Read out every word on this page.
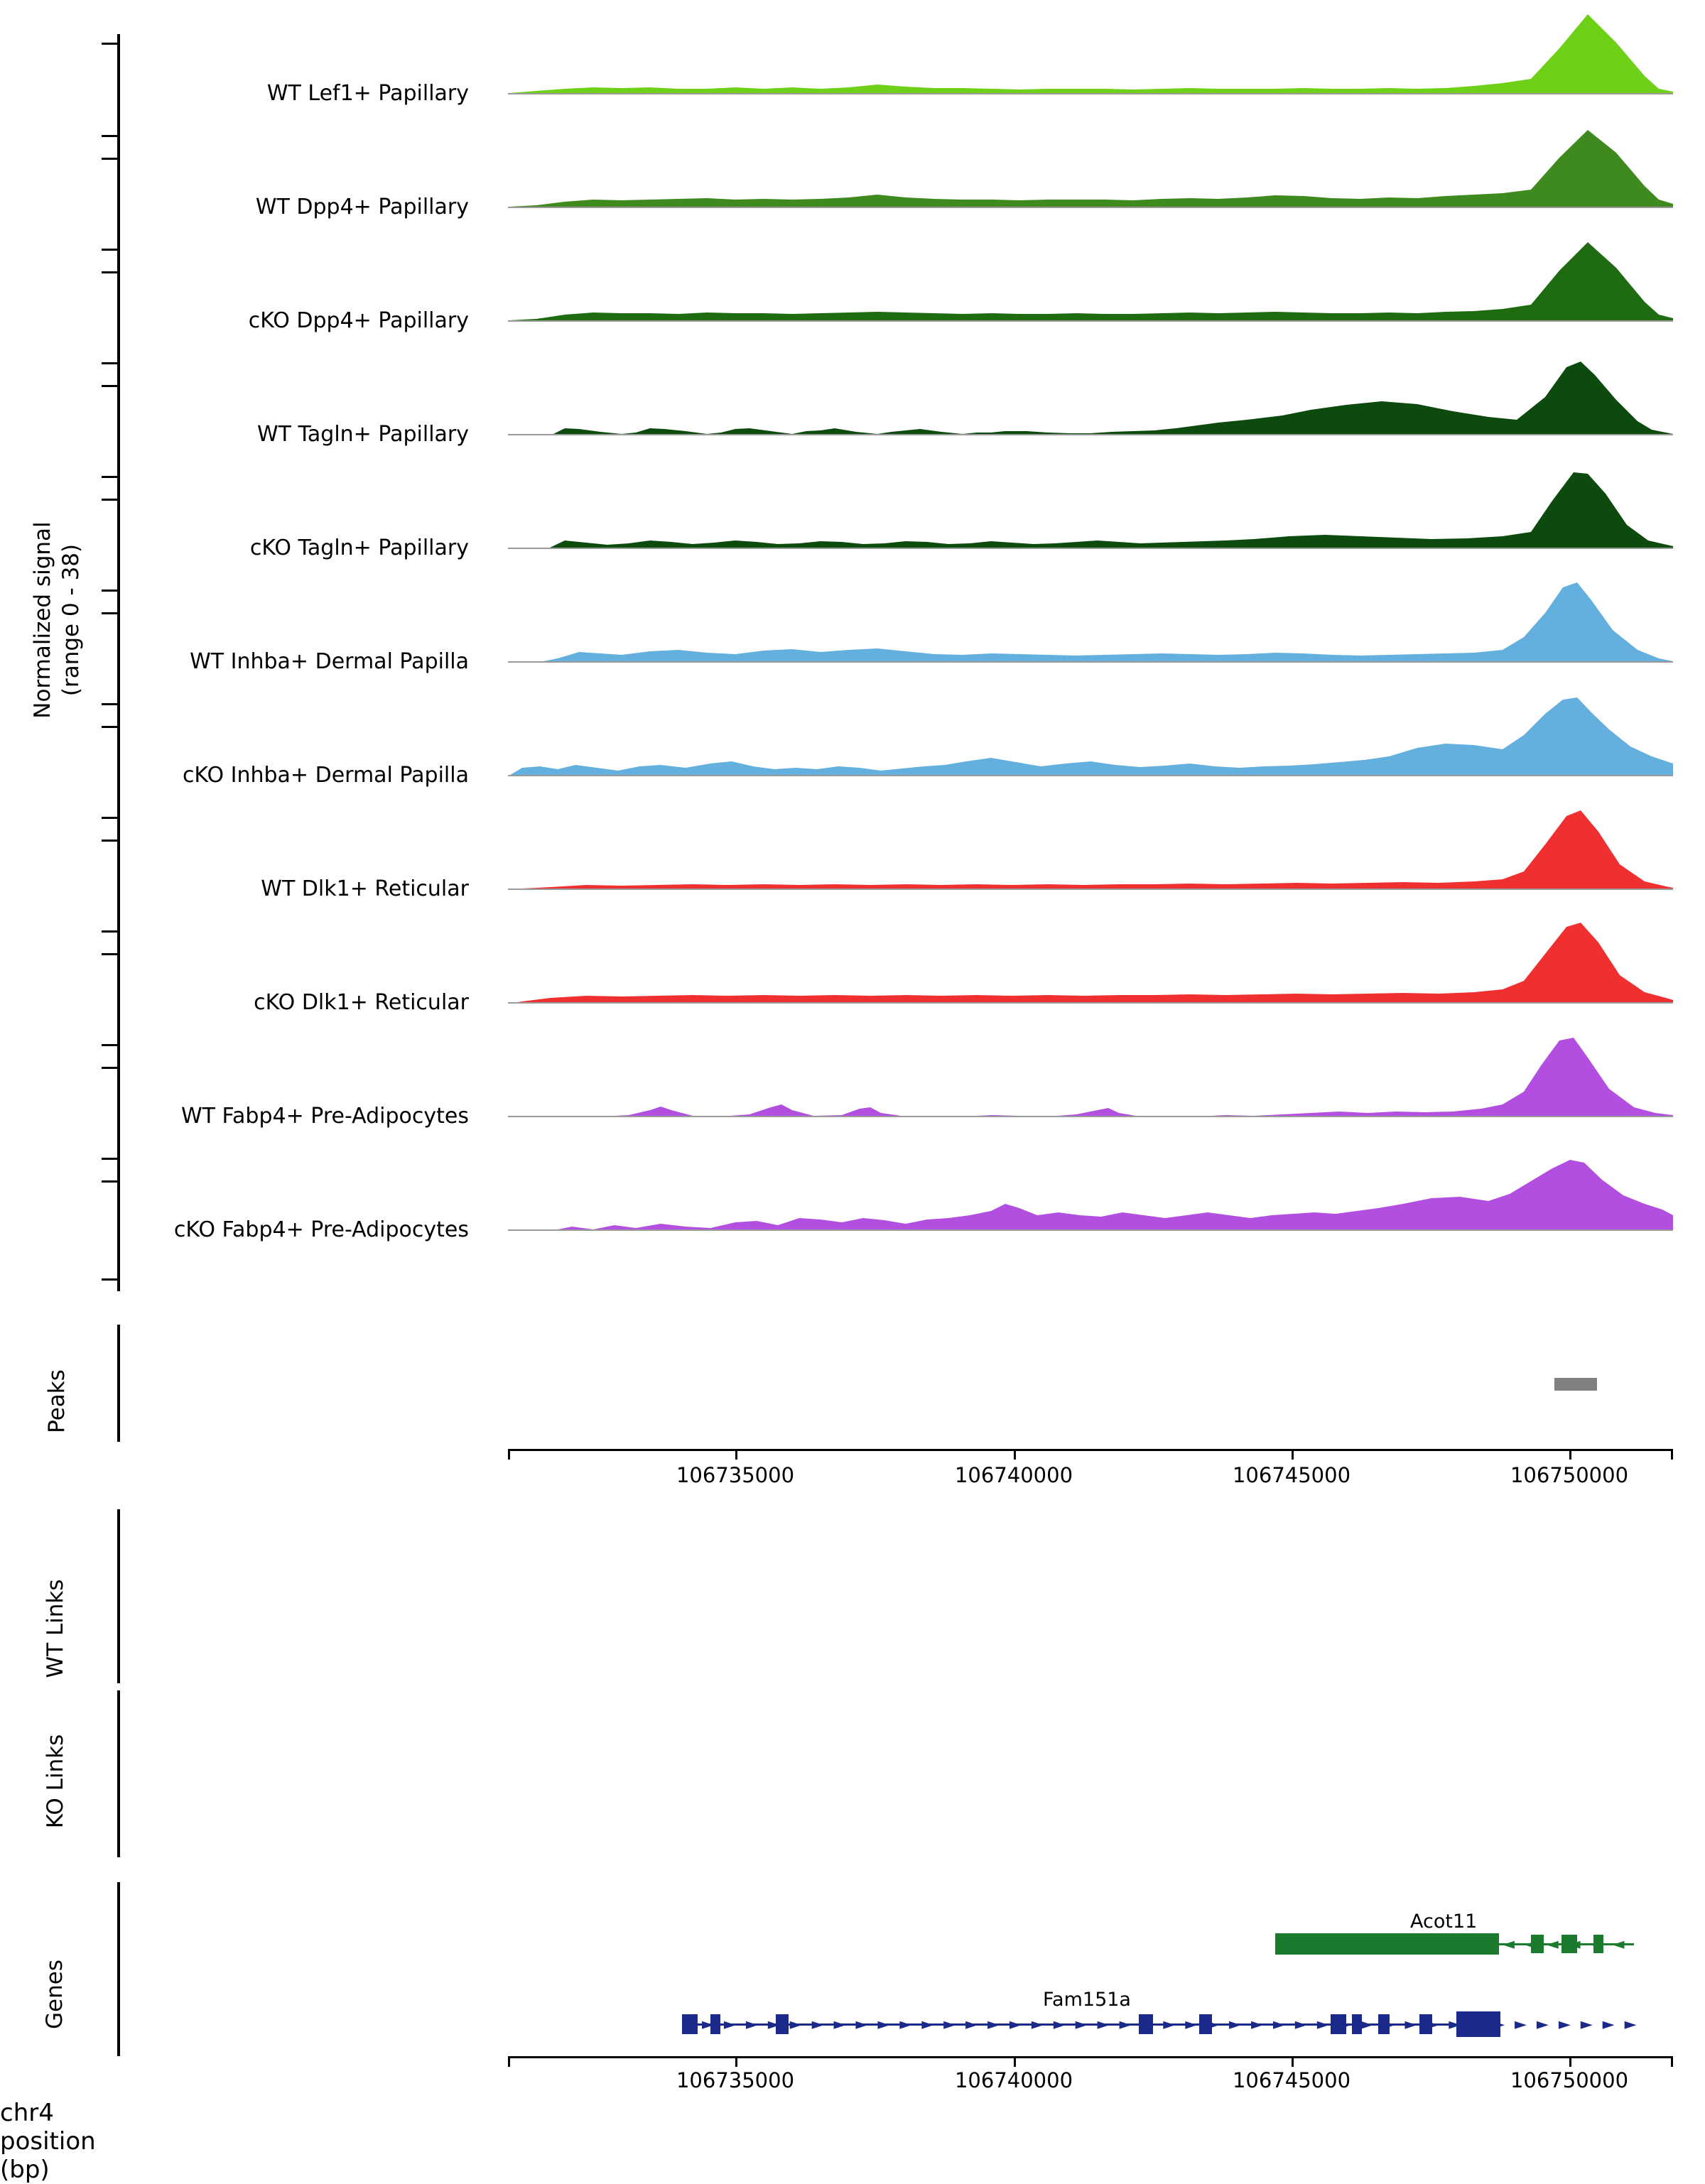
Normalized signal (range 0 - 38)
Peaks
WT Links
KO Links
Genes
WT Lef1+ Papillary
WT Dpp4+ Papillary
cKO Dpp4+ Papillary
WT Tagln+ Papillary
cKO Tagln+ Papillary
WT Inhba+ Dermal Papilla
cKO Inhba+ Dermal Papilla
WT Dlk1+ Reticular
cKO Dlk1+ Reticular
WT Fabp4+ Pre-Adipocytes
cKO Fabp4+ Pre-Adipocytes
106735000	106740000	106745000	106750000
Acot11
◄◄◄◄◄◄
Fam151a
►►►►►►►►►►►►►►►►►►►►►►►►►►►►►►►►►►►►►►►►►►►
106735000	106740000	106745000	106750000
chr4 position (bp)
